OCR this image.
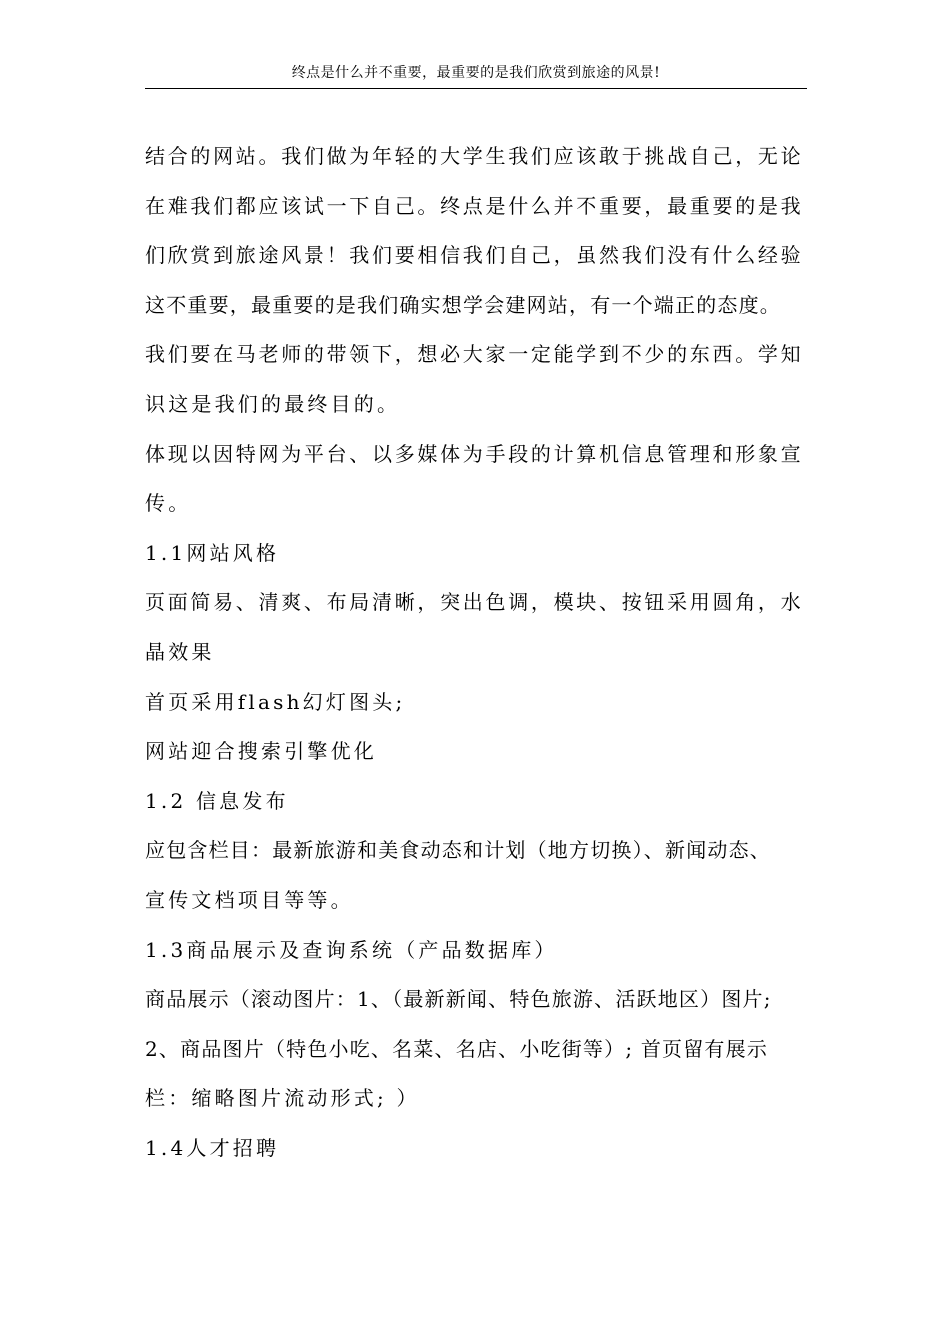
终点是什么并不重要，最重要的是我们欣赏到旅途的风景!
结合的网站。我们做为年轻的大学生我们应该敢于挑战自己，无论
在难我们都应该试一下自己。终点是什么并不重要，最重要的是我
们欣赏到旅途风景！我们要相信我们自己，虽然我们没有什么经验
这不重要，最重要的是我们确实想学会建网站，有一个端正的态度。
我们要在马老师的带领下，想必大家一定能学到不少的东西。学知
识这是我们的最终目的。
体现以因特网为平台、以多媒体为手段的计算机信息管理和形象宣
传。
1.1网站风格
页面简易、清爽、布局清晰，突出色调，模块、按钮采用圆角，水
晶效果
首页采用flash幻灯图头;
网站迎合搜索引擎优化
1.2 信息发布
应包含栏目：最新旅游和美食动态和计划（地方切换）、新闻动态、
宣传文档项目等等。
1.3商品展示及查询系统（产品数据库）
商品展示（滚动图片：1、（最新新闻、特色旅游、活跃地区）图片;
2、商品图片（特色小吃、名菜、名店、小吃街等）; 首页留有展示
栏：缩略图片流动形式; ）
1.4人才招聘
